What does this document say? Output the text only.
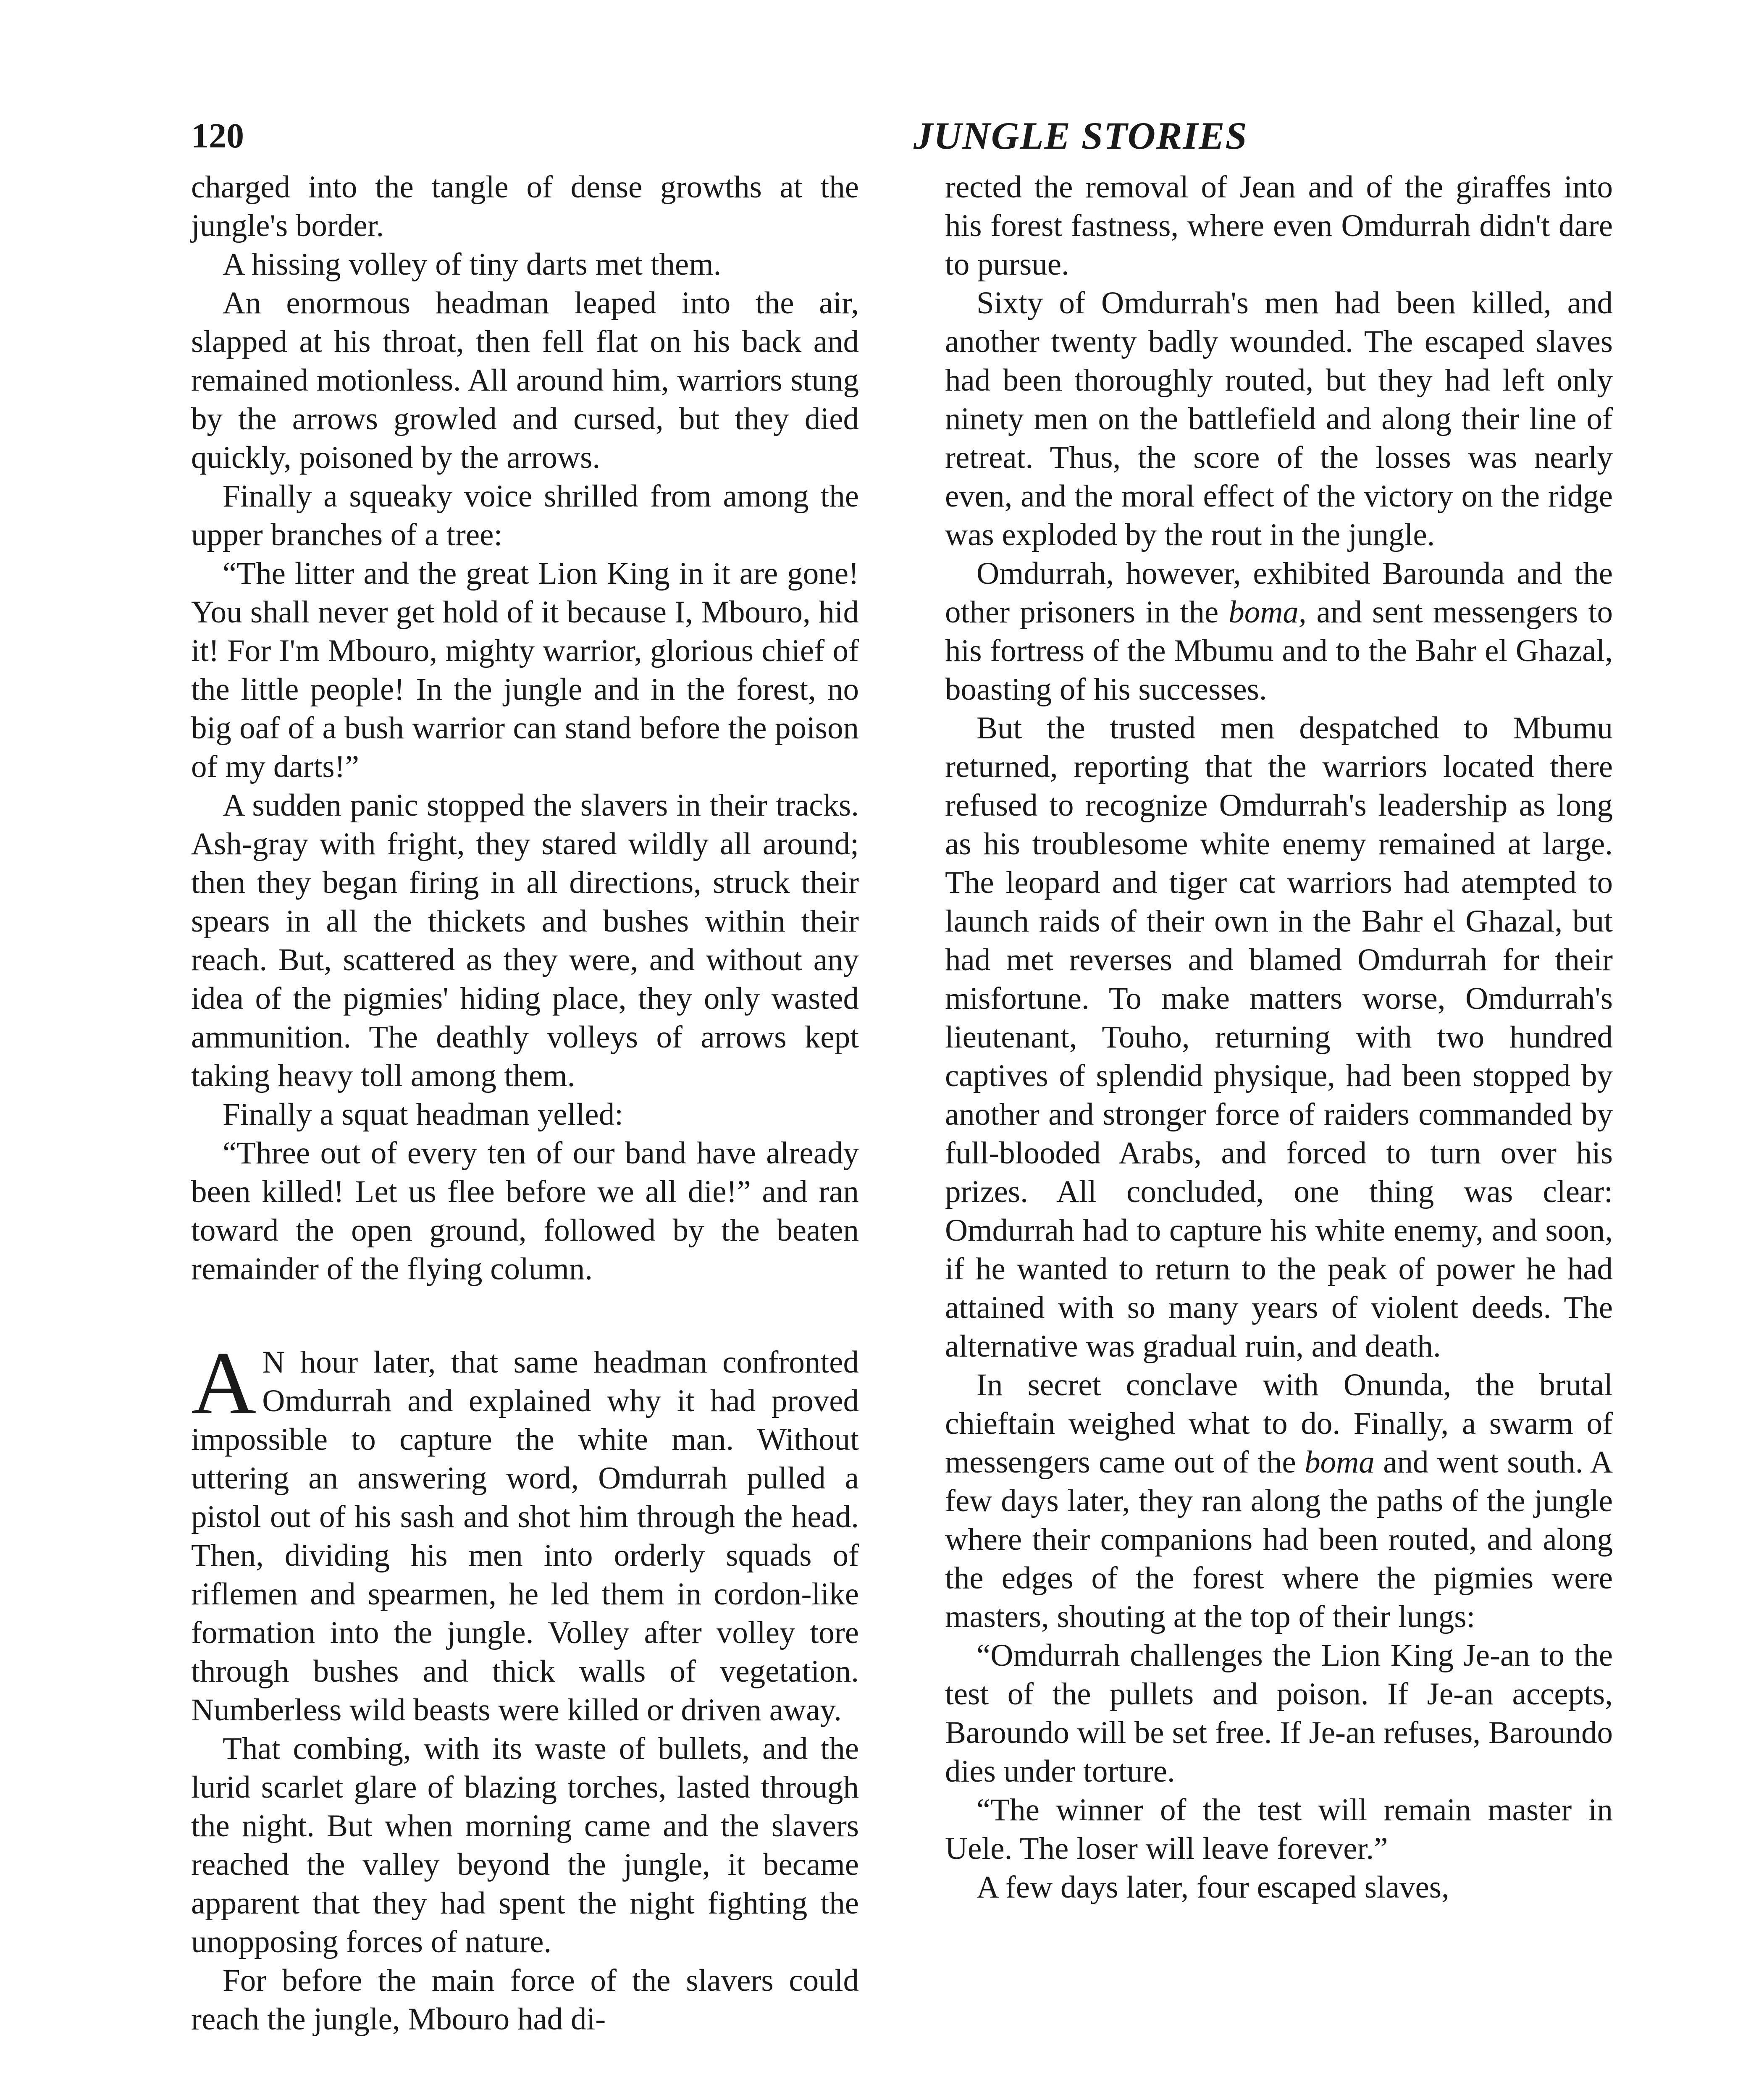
120	JUNGLE STORIES

charged into the tangle of dense growths at the jungle's border.

A hissing volley of tiny darts met them.

An enormous headman leaped into the air, slapped at his throat, then fell flat on his back and remained motionless. All around him, warriors stung by the arrows growled and cursed, but they died quickly, poisoned by the arrows.

Finally a squeaky voice shrilled from among the upper branches of a tree:

“The litter and the great Lion King in it are gone! You shall never get hold of it because I, Mbouro, hid it! For I'm Mbouro, mighty warrior, glorious chief of the little people! In the jungle and in the forest, no big oaf of a bush warrior can stand before the poison of my darts!”

A sudden panic stopped the slavers in their tracks. Ash-gray with fright, they stared wildly all around; then they began firing in all directions, struck their spears in all the thickets and bushes within their reach. But, scattered as they were, and without any idea of the pigmies' hiding place, they only wasted ammunition. The deathly volleys of arrows kept taking heavy toll among them.

Finally a squat headman yelled:

“Three out of every ten of our band have already been killed! Let us flee before we all die!” and ran toward the open ground, followed by the beaten remainder of the flying column.

A N hour later, that same headman confronted Omdurrah and explained why it had proved impossible to capture the white man. Without uttering an answering word, Omdurrah pulled a pistol out of his sash and shot him through the head. Then, dividing his men into orderly squads of riflemen and spearmen, he led them in cordon-like formation into the jungle. Volley after volley tore through bushes and thick walls of vegetation. Numberless wild beasts were killed or driven away.

That combing, with its waste of bullets, and the lurid scarlet glare of blazing torches, lasted through the night. But when morning came and the slavers reached the valley beyond the jungle, it became apparent that they had spent the night fighting the unopposing forces of nature.

For before the main force of the slavers could reach the jungle, Mbouro had di-

rected the removal of Jean and of the giraffes into his forest fastness, where even Omdurrah didn't dare to pursue.

Sixty of Omdurrah's men had been killed, and another twenty badly wounded. The escaped slaves had been thoroughly routed, but they had left only ninety men on the battlefield and along their line of retreat. Thus, the score of the losses was nearly even, and the moral effect of the victory on the ridge was exploded by the rout in the jungle.

Omdurrah, however, exhibited Barounda and the other prisoners in the boma, and sent messengers to his fortress of the Mbumu and to the Bahr el Ghazal, boasting of his successes.

But the trusted men despatched to Mbumu returned, reporting that the warriors located there refused to recognize Omdurrah's leadership as long as his troublesome white enemy remained at large. The leopard and tiger cat warriors had atempted to launch raids of their own in the Bahr el Ghazal, but had met reverses and blamed Omdurrah for their misfortune. To make matters worse, Omdurrah's lieutenant, Touho, returning with two hundred captives of splendid physique, had been stopped by another and stronger force of raiders commanded by full-blooded Arabs, and forced to turn over his prizes. All concluded, one thing was clear: Omdurrah had to capture his white enemy, and soon, if he wanted to return to the peak of power he had attained with so many years of violent deeds. The alternative was gradual ruin, and death.

In secret conclave with Onunda, the brutal chieftain weighed what to do. Finally, a swarm of messengers came out of the boma and went south. A few days later, they ran along the paths of the jungle where their companions had been routed, and along the edges of the forest where the pigmies were masters, shouting at the top of their lungs:

“Omdurrah challenges the Lion King Je-an to the test of the pullets and poison. If Je-an accepts, Baroundo will be set free. If Je-an refuses, Baroundo dies under torture.

“The winner of the test will remain master in Uele. The loser will leave forever.”

A few days later, four escaped slaves,
